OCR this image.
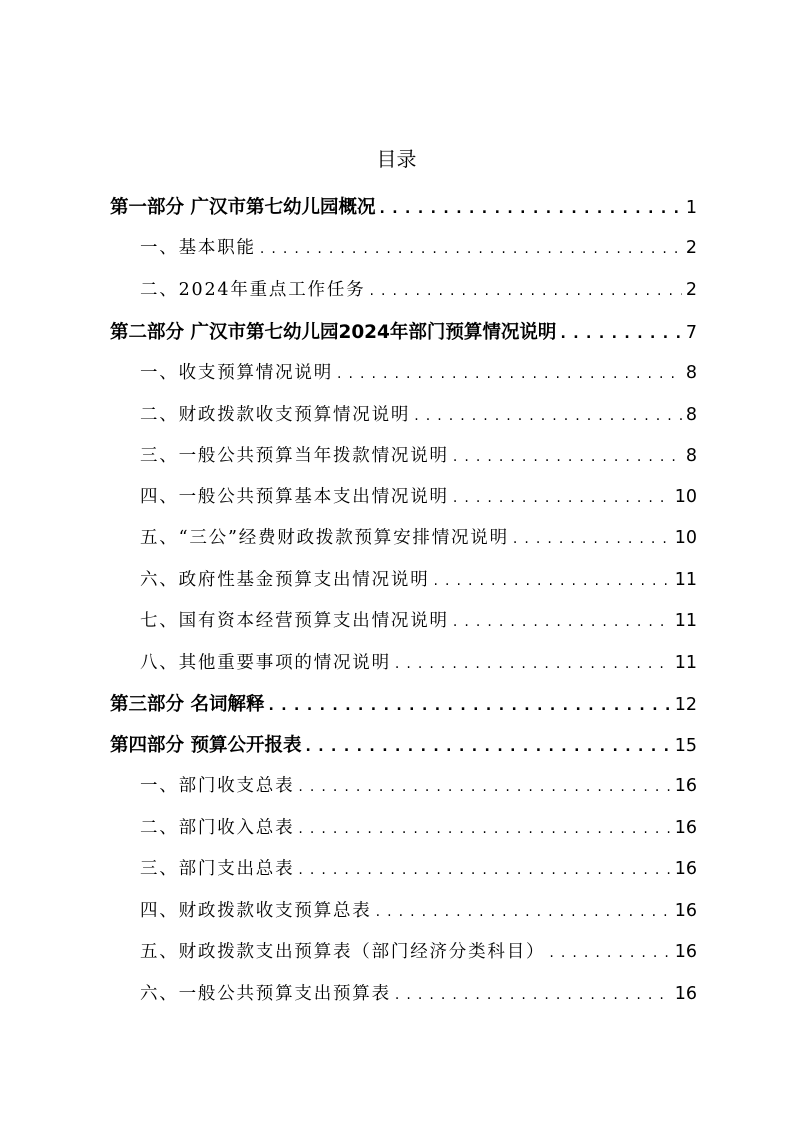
目录
第一部分 广汉市第七幼儿园概况 . . .	1
一、基本职能 . . .	2
二、2024年重点工作任务 . . .	2
第二部分 广汉市第七幼儿园2024年部门预算情况说明 . . .	7
一、收支预算情况说明 . . .	8
二、财政拨款收支预算情况说明 . . .	8
三、一般公共预算当年拨款情况说明 . . .	8
四、一般公共预算基本支出情况说明 . . .	10
五、“三公”经费财政拨款预算安排情况说明 . . .	10
六、政府性基金预算支出情况说明 . . .	11
七、国有资本经营预算支出情况说明 . . .	11
八、其他重要事项的情况说明 . . .	11
第三部分 名词解释 . . .	12
第四部分 预算公开报表 . . .	15
一、部门收支总表 . . .	16
二、部门收入总表 . . .	16
三、部门支出总表 . . .	16
四、财政拨款收支预算总表 . . .	16
五、财政拨款支出预算表（部门经济分类科目） . . .	16
六、一般公共预算支出预算表 . . .	16
